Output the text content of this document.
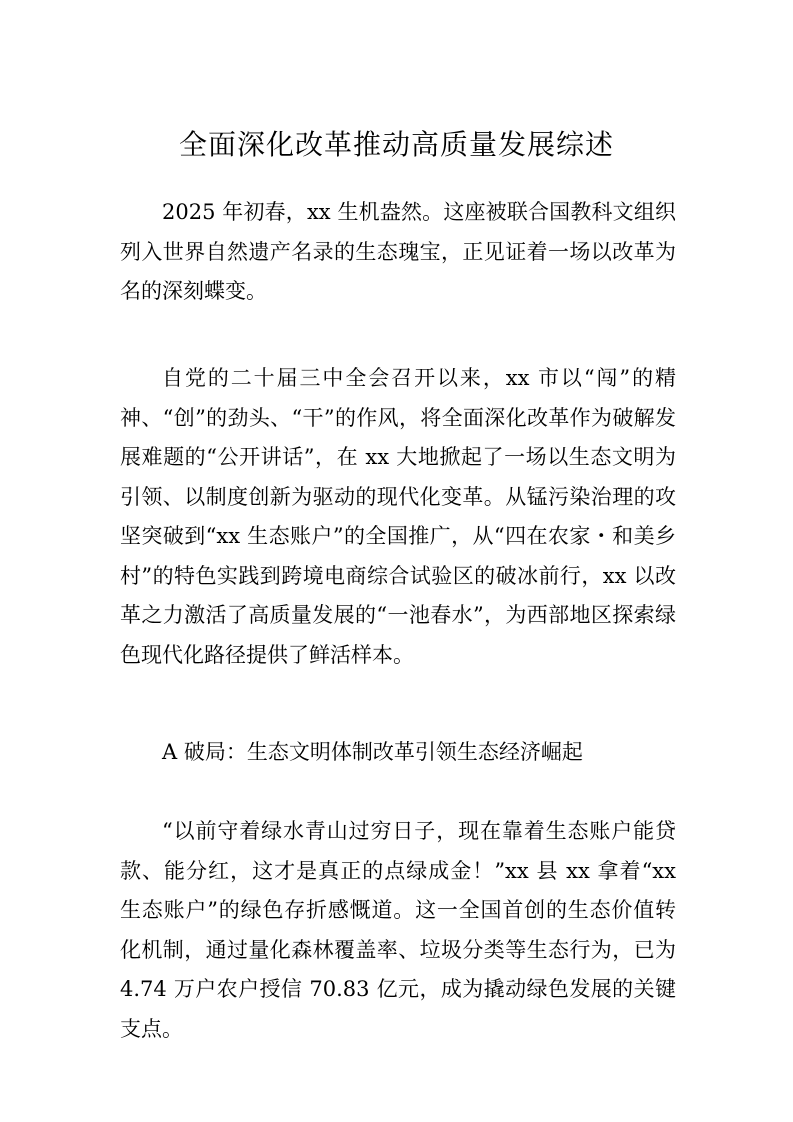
全面深化改革推动高质量发展综述

2025 年初春，xx 生机盎然。这座被联合国教科文组织列入世界自然遗产名录的生态瑰宝，正见证着一场以改革为名的深刻蝶变。

自党的二十届三中全会召开以来，xx 市以“闯”的精神、“创”的劲头、“干”的作风，将全面深化改革作为破解发展难题的“公开讲话”，在 xx 大地掀起了一场以生态文明为引领、以制度创新为驱动的现代化变革。从锰污染治理的攻坚突破到“xx 生态账户”的全国推广，从“四在农家・和美乡村”的特色实践到跨境电商综合试验区的破冰前行，xx 以改革之力激活了高质量发展的“一池春水”，为西部地区探索绿色现代化路径提供了鲜活样本。

A 破局：生态文明体制改革引领生态经济崛起

“以前守着绿水青山过穷日子，现在靠着生态账户能贷款、能分红，这才是真正的点绿成金！”xx 县 xx 拿着“xx 生态账户”的绿色存折感慨道。这一全国首创的生态价值转化机制，通过量化森林覆盖率、垃圾分类等生态行为，已为 4.74 万户农户授信 70.83 亿元，成为撬动绿色发展的关键支点。
